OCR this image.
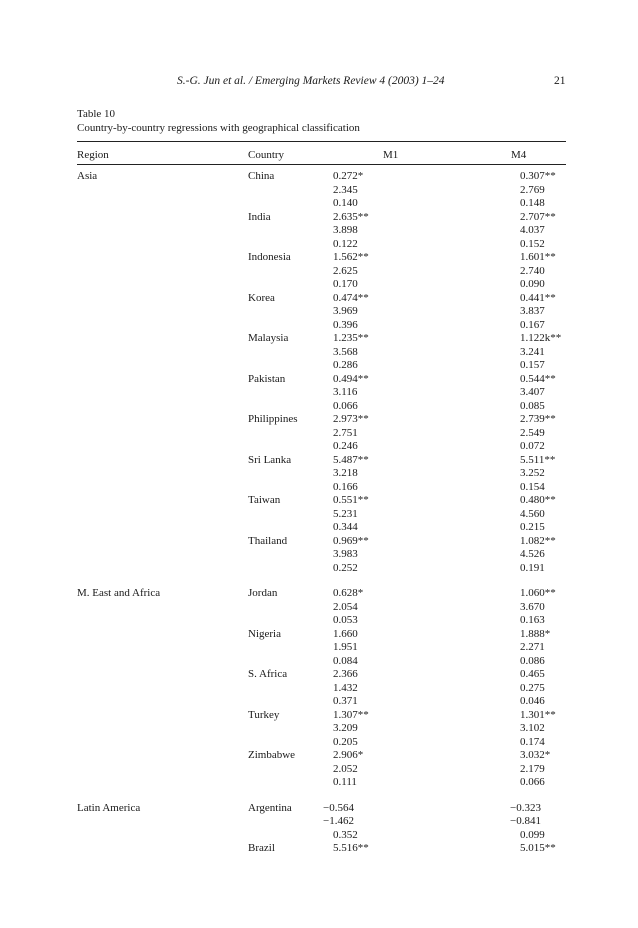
S.-G. Jun et al. / Emerging Markets Review 4 (2003) 1–24	21
Table 10
Country-by-country regressions with geographical classification
Region	Country	M1	M4
Asia	China	0.272*	0.307**
2.345	2.769
0.140	0.148
India	2.635**	2.707**
3.898	4.037
0.122	0.152
Indonesia	1.562**	1.601**
2.625	2.740
0.170	0.090
Korea	0.474**	0.441**
3.969	3.837
0.396	0.167
Malaysia	1.235**	1.122k**
3.568	3.241
0.286	0.157
Pakistan	0.494**	0.544**
3.116	3.407
0.066	0.085
Philippines	2.973**	2.739**
2.751	2.549
0.246	0.072
Sri Lanka	5.487**	5.511**
3.218	3.252
0.166	0.154
Taiwan	0.551**	0.480**
5.231	4.560
0.344	0.215
Thailand	0.969**	1.082**
3.983	4.526
0.252	0.191
M. East and Africa	Jordan	0.628*	1.060**
2.054	3.670
0.053	0.163
Nigeria	1.660	1.888*
1.951	2.271
0.084	0.086
S. Africa	2.366	0.465
1.432	0.275
0.371	0.046
Turkey	1.307**	1.301**
3.209	3.102
0.205	0.174
Zimbabwe	2.906*	3.032*
2.052	2.179
0.111	0.066
Latin America	Argentina	−0.564	−0.323
−1.462	−0.841
0.352	0.099
Brazil	5.516**	5.015**
